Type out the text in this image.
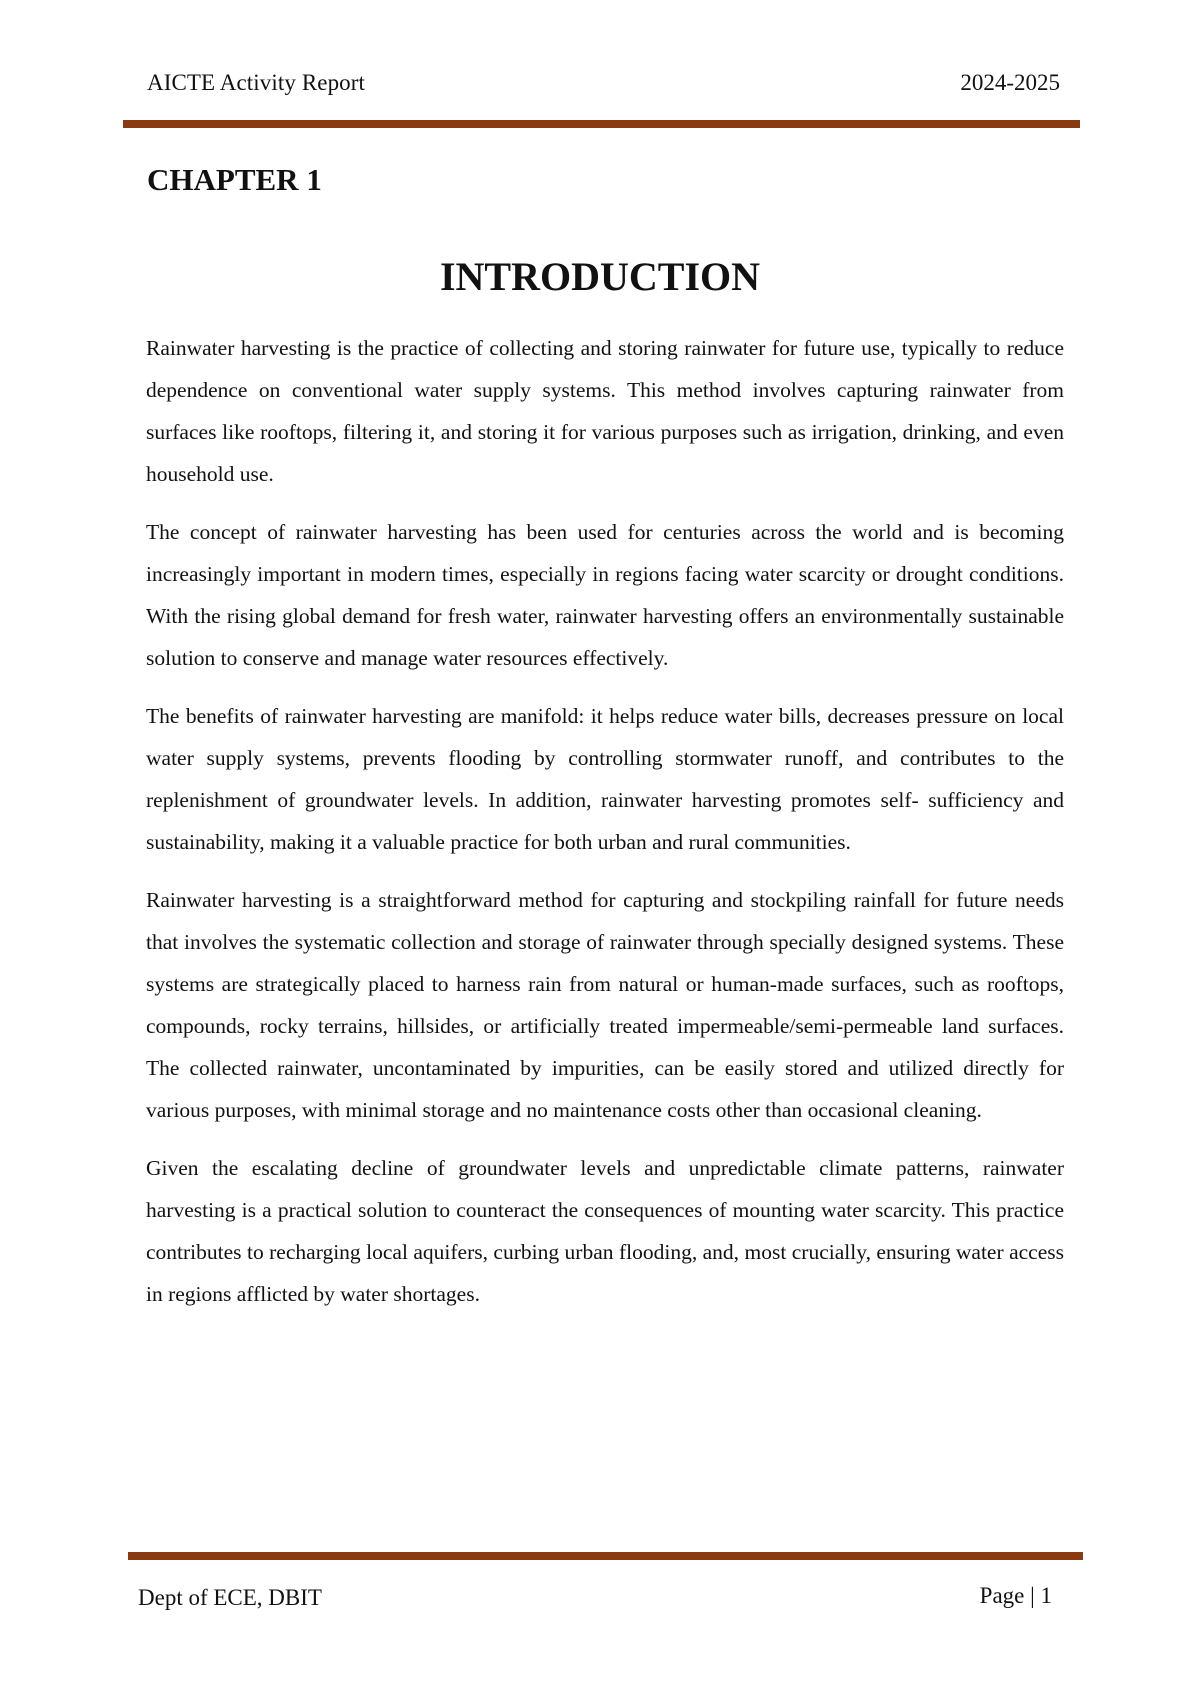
AICTE Activity Report	2024-2025
CHAPTER 1
INTRODUCTION

Rainwater harvesting is the practice of collecting and storing rainwater for future use, typically to reduce dependence on conventional water supply systems. This method involves capturing rainwater from surfaces like rooftops, filtering it, and storing it for various purposes such as irrigation, drinking, and even household use.

The concept of rainwater harvesting has been used for centuries across the world and is becoming increasingly important in modern times, especially in regions facing water scarcity or drought conditions. With the rising global demand for fresh water, rainwater harvesting offers an environmentally sustainable solution to conserve and manage water resources effectively.

The benefits of rainwater harvesting are manifold: it helps reduce water bills, decreases pressure on local water supply systems, prevents flooding by controlling stormwater runoff, and contributes to the replenishment of groundwater levels. In addition, rainwater harvesting promotes self- sufficiency and sustainability, making it a valuable practice for both urban and rural communities.

Rainwater harvesting is a straightforward method for capturing and stockpiling rainfall for future needs that involves the systematic collection and storage of rainwater through specially designed systems. These systems are strategically placed to harness rain from natural or human-made surfaces, such as rooftops, compounds, rocky terrains, hillsides, or artificially treated impermeable/semi-permeable land surfaces. The collected rainwater, uncontaminated by impurities, can be easily stored and utilized directly for various purposes, with minimal storage and no maintenance costs other than occasional cleaning.

Given the escalating decline of groundwater levels and unpredictable climate patterns, rainwater harvesting is a practical solution to counteract the consequences of mounting water scarcity. This practice contributes to recharging local aquifers, curbing urban flooding, and, most crucially, ensuring water access in regions afflicted by water shortages.

Dept of ECE, DBIT	Page | 1
